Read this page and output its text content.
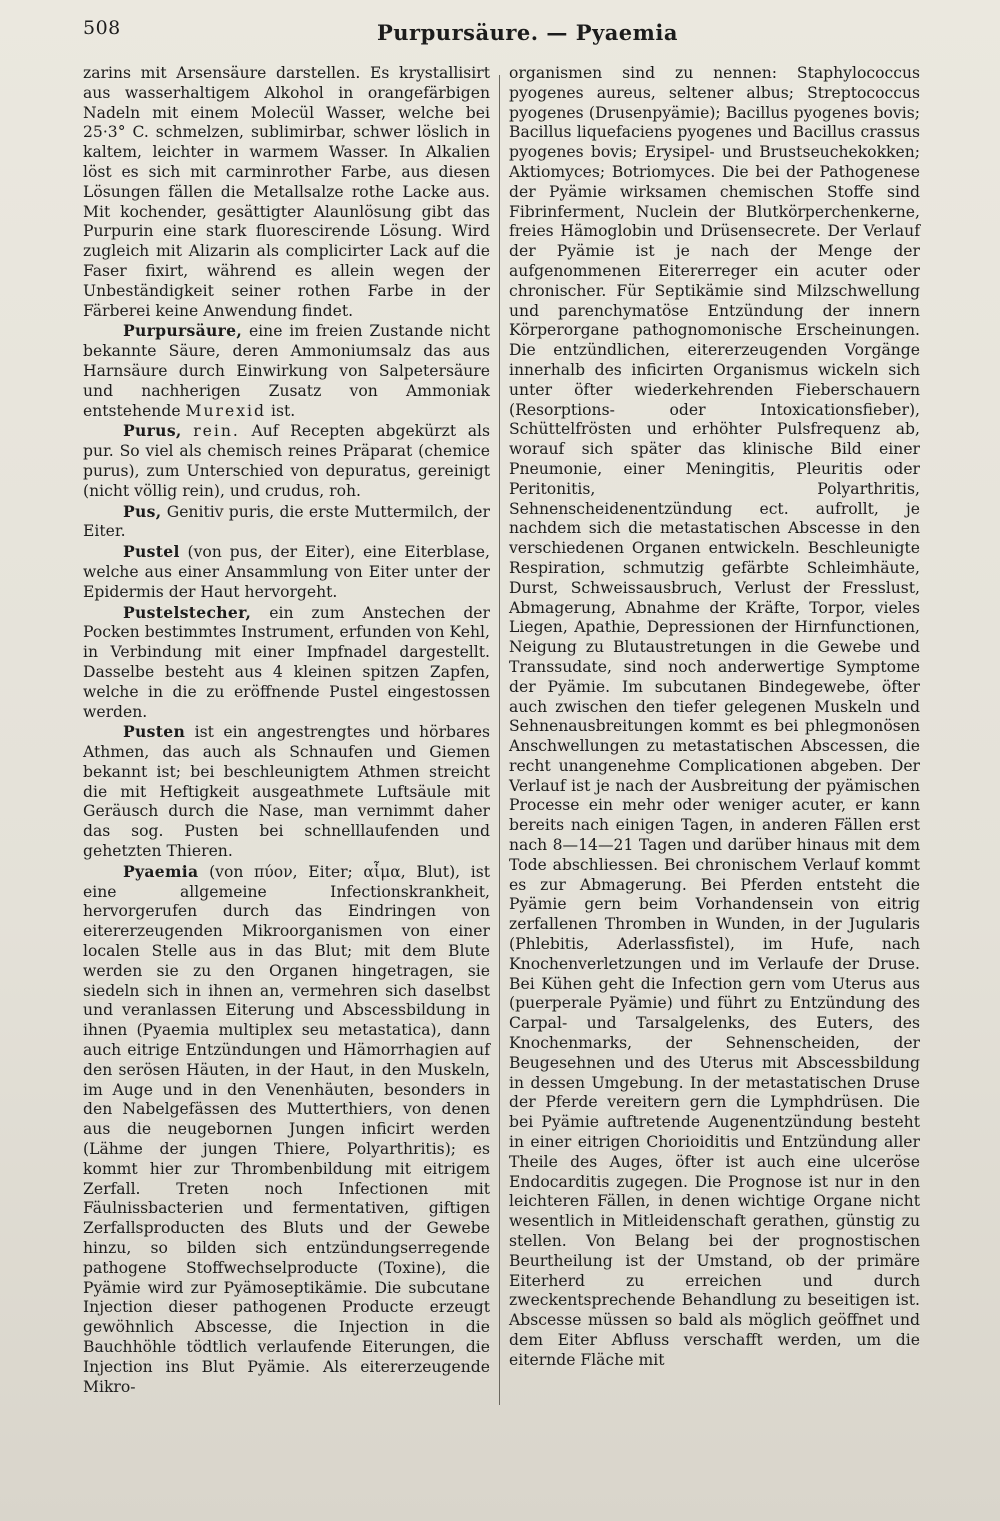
508	Purpursäure. — Pyaemia

zarins mit Arsensäure darstellen. Es krystallisirt aus wasserhaltigem Alkohol in orangefärbigen Nadeln mit einem Molecül Wasser, welche bei 25·3° C. schmelzen, sublimirbar, schwer löslich in kaltem, leichter in warmem Wasser. In Alkalien löst es sich mit carminrother Farbe, aus diesen Lösungen fällen die Metallsalze rothe Lacke aus. Mit kochender, gesättigter Alaunlösung gibt das Purpurin eine stark fluorescirende Lösung. Wird zugleich mit Alizarin als complicirter Lack auf die Faser fixirt, während es allein wegen der Unbeständigkeit seiner rothen Farbe in der Färberei keine Anwendung findet.

Purpursäure, eine im freien Zustande nicht bekannte Säure, deren Ammoniumsalz das aus Harnsäure durch Einwirkung von Salpetersäure und nachherigen Zusatz von Ammoniak entstehende Murexid ist.

Purus, rein. Auf Recepten abgekürzt als pur. So viel als chemisch reines Präparat (chemice purus), zum Unterschied von depuratus, gereinigt (nicht völlig rein), und crudus, roh.

Pus, Genitiv puris, die erste Muttermilch, der Eiter.

Pustel (von pus, der Eiter), eine Eiterblase, welche aus einer Ansammlung von Eiter unter der Epidermis der Haut hervorgeht.

Pustelstecher, ein zum Anstechen der Pocken bestimmtes Instrument, erfunden von Kehl, in Verbindung mit einer Impfnadel dargestellt. Dasselbe besteht aus 4 kleinen spitzen Zapfen, welche in die zu eröffnende Pustel eingestossen werden.

Pusten ist ein angestrengtes und hörbares Athmen, das auch als Schnaufen und Giemen bekannt ist; bei beschleunigtem Athmen streicht die mit Heftigkeit ausgeathmete Luftsäule mit Geräusch durch die Nase, man vernimmt daher das sog. Pusten bei schnelllaufenden und gehetzten Thieren.

Pyaemia (von πύον, Eiter; αἷμα, Blut), ist eine allgemeine Infectionskrankheit, hervorgerufen durch das Eindringen von eitererzeugenden Mikroorganismen von einer localen Stelle aus in das Blut; mit dem Blute werden sie zu den Organen hingetragen, sie siedeln sich in ihnen an, vermehren sich daselbst und veranlassen Eiterung und Abscessbildung in ihnen (Pyaemia multiplex seu metastatica), dann auch eitrige Entzündungen und Hämorrhagien auf den serösen Häuten, in der Haut, in den Muskeln, im Auge und in den Venenhäuten, besonders in den Nabelgefässen des Mutterthiers, von denen aus die neugebornen Jungen inficirt werden (Lähme der jungen Thiere, Polyarthritis); es kommt hier zur Thrombenbildung mit eitrigem Zerfall. Treten noch Infectionen mit Fäulnissbacterien und fermentativen, giftigen Zerfallsproducten des Bluts und der Gewebe hinzu, so bilden sich entzündungserregende pathogene Stoffwechselproducte (Toxine), die Pyämie wird zur Pyämoseptikämie. Die subcutane Injection dieser pathogenen Producte erzeugt gewöhnlich Abscesse, die Injection in die Bauchhöhle tödtlich verlaufende Eiterungen, die Injection ins Blut Pyämie. Als eitererzeugende Mikro-

organismen sind zu nennen: Staphylococcus pyogenes aureus, seltener albus; Streptococcus pyogenes (Drusenpyämie); Bacillus pyogenes bovis; Bacillus liquefaciens pyogenes und Bacillus crassus pyogenes bovis; Erysipel- und Brustseuchekokken; Aktiomyces; Botriomyces. Die bei der Pathogenese der Pyämie wirksamen chemischen Stoffe sind Fibrinferment, Nuclein der Blutkörperchenkerne, freies Hämoglobin und Drüsensecrete. Der Verlauf der Pyämie ist je nach der Menge der aufgenommenen Eitererreger ein acuter oder chronischer. Für Septikämie sind Milzschwellung und parenchymatöse Entzündung der innern Körperorgane pathognomonische Erscheinungen. Die entzündlichen, eitererzeugenden Vorgänge innerhalb des inficirten Organismus wickeln sich unter öfter wiederkehrenden Fieberschauern (Resorptions- oder Intoxicationsfieber), Schüttelfrösten und erhöhter Pulsfrequenz ab, worauf sich später das klinische Bild einer Pneumonie, einer Meningitis, Pleuritis oder Peritonitis, Polyarthritis, Sehnenscheidenentzündung ect. aufrollt, je nachdem sich die metastatischen Abscesse in den verschiedenen Organen entwickeln. Beschleunigte Respiration, schmutzig gefärbte Schleimhäute, Durst, Schweissausbruch, Verlust der Fresslust, Abmagerung, Abnahme der Kräfte, Torpor, vieles Liegen, Apathie, Depressionen der Hirnfunctionen, Neigung zu Blutaustretungen in die Gewebe und Transsudate, sind noch anderwertige Symptome der Pyämie. Im subcutanen Bindegewebe, öfter auch zwischen den tiefer gelegenen Muskeln und Sehnenausbreitungen kommt es bei phlegmonösen Anschwellungen zu metastatischen Abscessen, die recht unangenehme Complicationen abgeben. Der Verlauf ist je nach der Ausbreitung der pyämischen Processe ein mehr oder weniger acuter, er kann bereits nach einigen Tagen, in anderen Fällen erst nach 8—14—21 Tagen und darüber hinaus mit dem Tode abschliessen. Bei chronischem Verlauf kommt es zur Abmagerung. Bei Pferden entsteht die Pyämie gern beim Vorhandensein von eitrig zerfallenen Thromben in Wunden, in der Jugularis (Phlebitis, Aderlassfistel), im Hufe, nach Knochenverletzungen und im Verlaufe der Druse. Bei Kühen geht die Infection gern vom Uterus aus (puerperale Pyämie) und führt zu Entzündung des Carpal- und Tarsalgelenks, des Euters, des Knochenmarks, der Sehnenscheiden, der Beugesehnen und des Uterus mit Abscessbildung in dessen Umgebung. In der metastatischen Druse der Pferde vereitern gern die Lymphdrüsen. Die bei Pyämie auftretende Augenentzündung besteht in einer eitrigen Chorioiditis und Entzündung aller Theile des Auges, öfter ist auch eine ulceröse Endocarditis zugegen. Die Prognose ist nur in den leichteren Fällen, in denen wichtige Organe nicht wesentlich in Mitleidenschaft gerathen, günstig zu stellen. Von Belang bei der prognostischen Beurtheilung ist der Umstand, ob der primäre Eiterherd zu erreichen und durch zweckentsprechende Behandlung zu beseitigen ist. Abscesse müssen so bald als möglich geöffnet und dem Eiter Abfluss verschafft werden, um die eiternde Fläche mit
